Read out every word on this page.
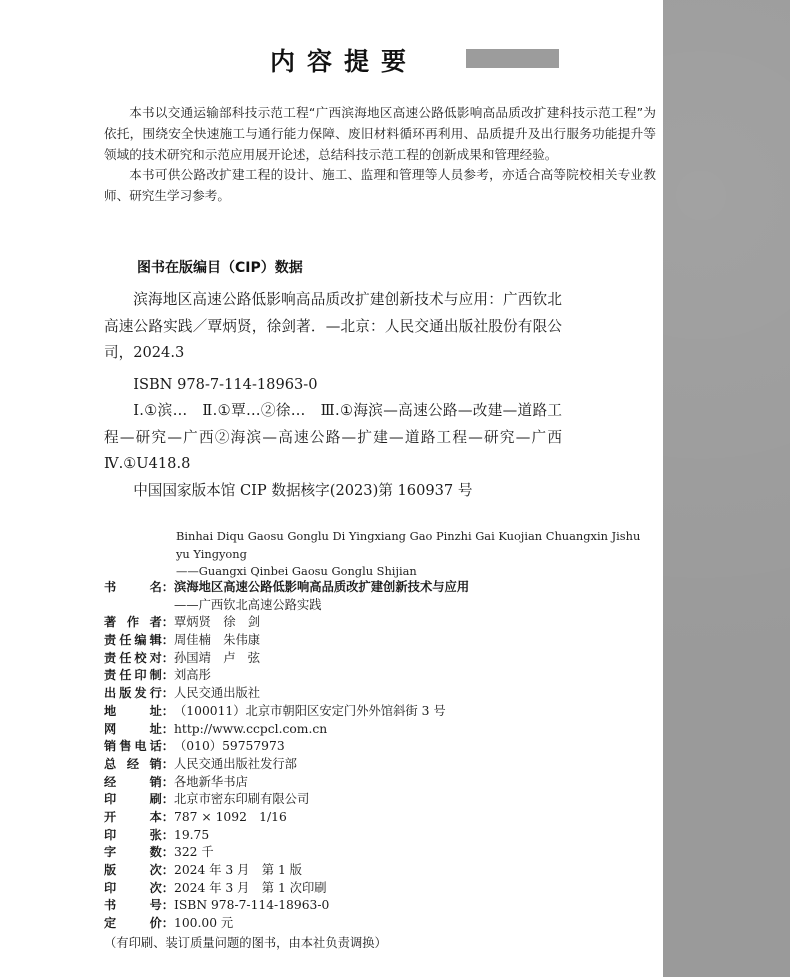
内容提要

本书以交通运输部科技示范工程“广西滨海地区高速公路低影响高品质改扩建科技示范工程”为依托，围绕安全快速施工与通行能力保障、废旧材料循环再利用、品质提升及出行服务功能提升等领域的技术研究和示范应用展开论述，总结科技示范工程的创新成果和管理经验。

本书可供公路改扩建工程的设计、施工、监理和管理等人员参考，亦适合高等院校相关专业教师、研究生学习参考。

图书在版编目（CIP）数据

滨海地区高速公路低影响高品质改扩建创新技术与应用：广西钦北高速公路实践／覃炳贤，徐剑著．—北京：人民交通出版社股份有限公司，2024.3

ISBN 978-7-114-18963-0

Ⅰ.①滨…　Ⅱ.①覃…②徐…　Ⅲ.①海滨—高速公路—改建—道路工程—研究—广西②海滨—高速公路—扩建—道路工程—研究—广西　Ⅳ.①U418.8

中国国家版本馆 CIP 数据核字(2023)第 160937 号

Binhai Diqu Gaosu Gonglu Di Yingxiang Gao Pinzhi Gai Kuojian Chuangxin Jishu
yu Yingyong
——Guangxi Qinbei Gaosu Gonglu Shijian
书	名： 滨海地区高速公路低影响高品质改扩建创新技术与应用
——广西钦北高速公路实践
著 作 者： 覃炳贤　徐　剑
责 任 编 辑： 周佳楠　朱伟康
责 任 校 对： 孙国靖　卢　弦
责 任 印 制： 刘高彤
出 版 发 行： 人民交通出版社
地	址： （100011）北京市朝阳区安定门外外馆斜街 3 号
网	址： http://www.ccpcl.com.cn
销 售 电 话： （010）59757973
总 经 销： 人民交通出版社发行部
经	销： 各地新华书店
印	刷： 北京市密东印刷有限公司
开	本： 787 × 1092　1/16
印	张： 19.75
字	数： 322 千
版	次： 2024 年 3 月　第 1 版
印	次： 2024 年 3 月　第 1 次印刷
书	号： ISBN 978-7-114-18963-0
定	价： 100.00 元
（有印刷、装订质量问题的图书，由本社负责调换）
